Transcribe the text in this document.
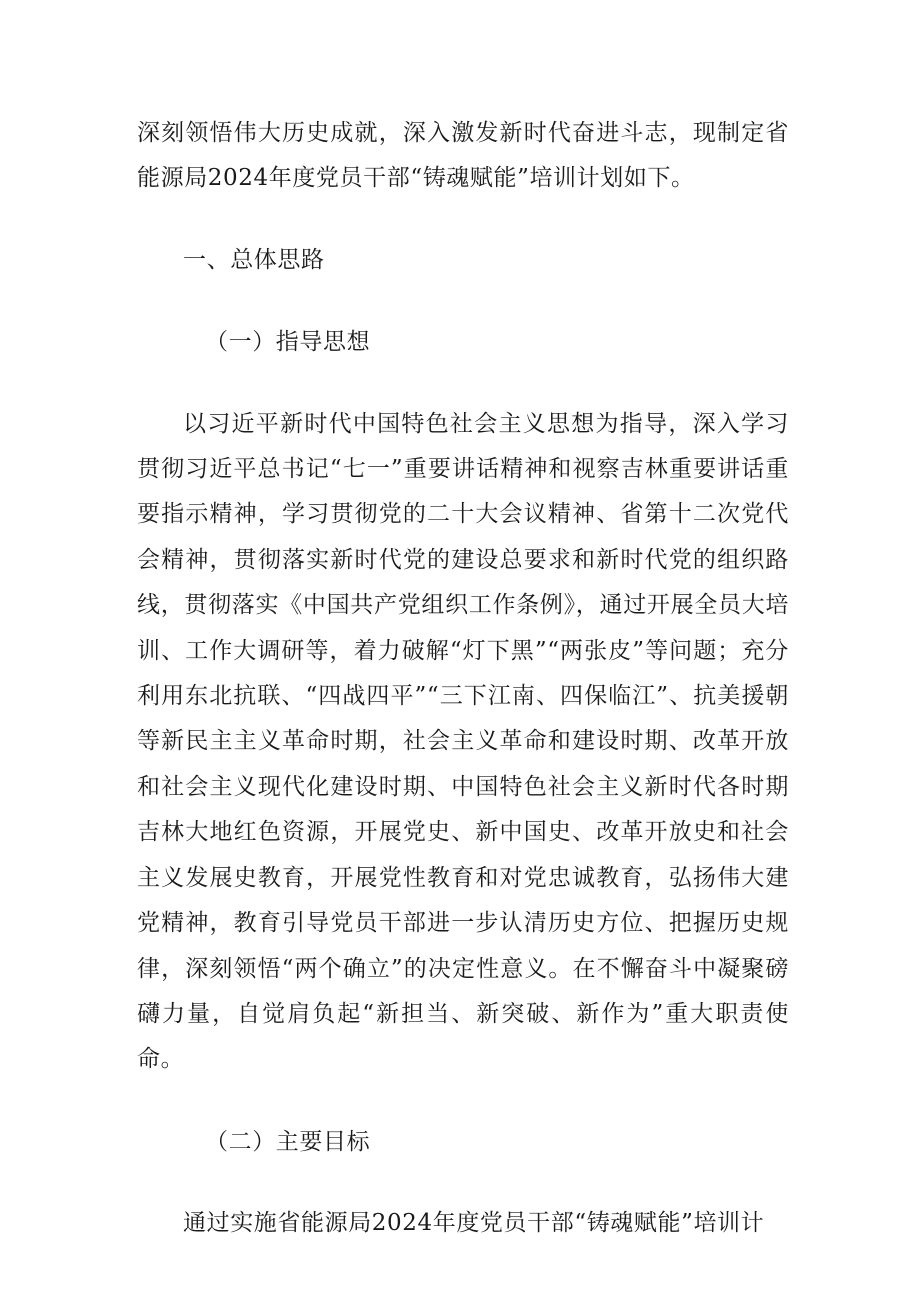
深刻领悟伟大历史成就，深入激发新时代奋进斗志，现制定省能源局2024年度党员干部“铸魂赋能”培训计划如下。

一、总体思路

（一）指导思想

以习近平新时代中国特色社会主义思想为指导，深入学习贯彻习近平总书记“七一”重要讲话精神和视察吉林重要讲话重要指示精神，学习贯彻党的二十大会议精神、省第十二次党代会精神，贯彻落实新时代党的建设总要求和新时代党的组织路线，贯彻落实《中国共产党组织工作条例》，通过开展全员大培训、工作大调研等，着力破解“灯下黑”“两张皮”等问题；充分利用东北抗联、“四战四平”“三下江南、四保临江”、抗美援朝等新民主主义革命时期，社会主义革命和建设时期、改革开放和社会主义现代化建设时期、中国特色社会主义新时代各时期吉林大地红色资源，开展党史、新中国史、改革开放史和社会主义发展史教育，开展党性教育和对党忠诚教育，弘扬伟大建党精神，教育引导党员干部进一步认清历史方位、把握历史规律，深刻领悟“两个确立”的决定性意义。在不懈奋斗中凝聚磅礴力量，自觉肩负起“新担当、新突破、新作为”重大职责使命。

（二）主要目标

通过实施省能源局2024年度党员干部“铸魂赋能”培训计
